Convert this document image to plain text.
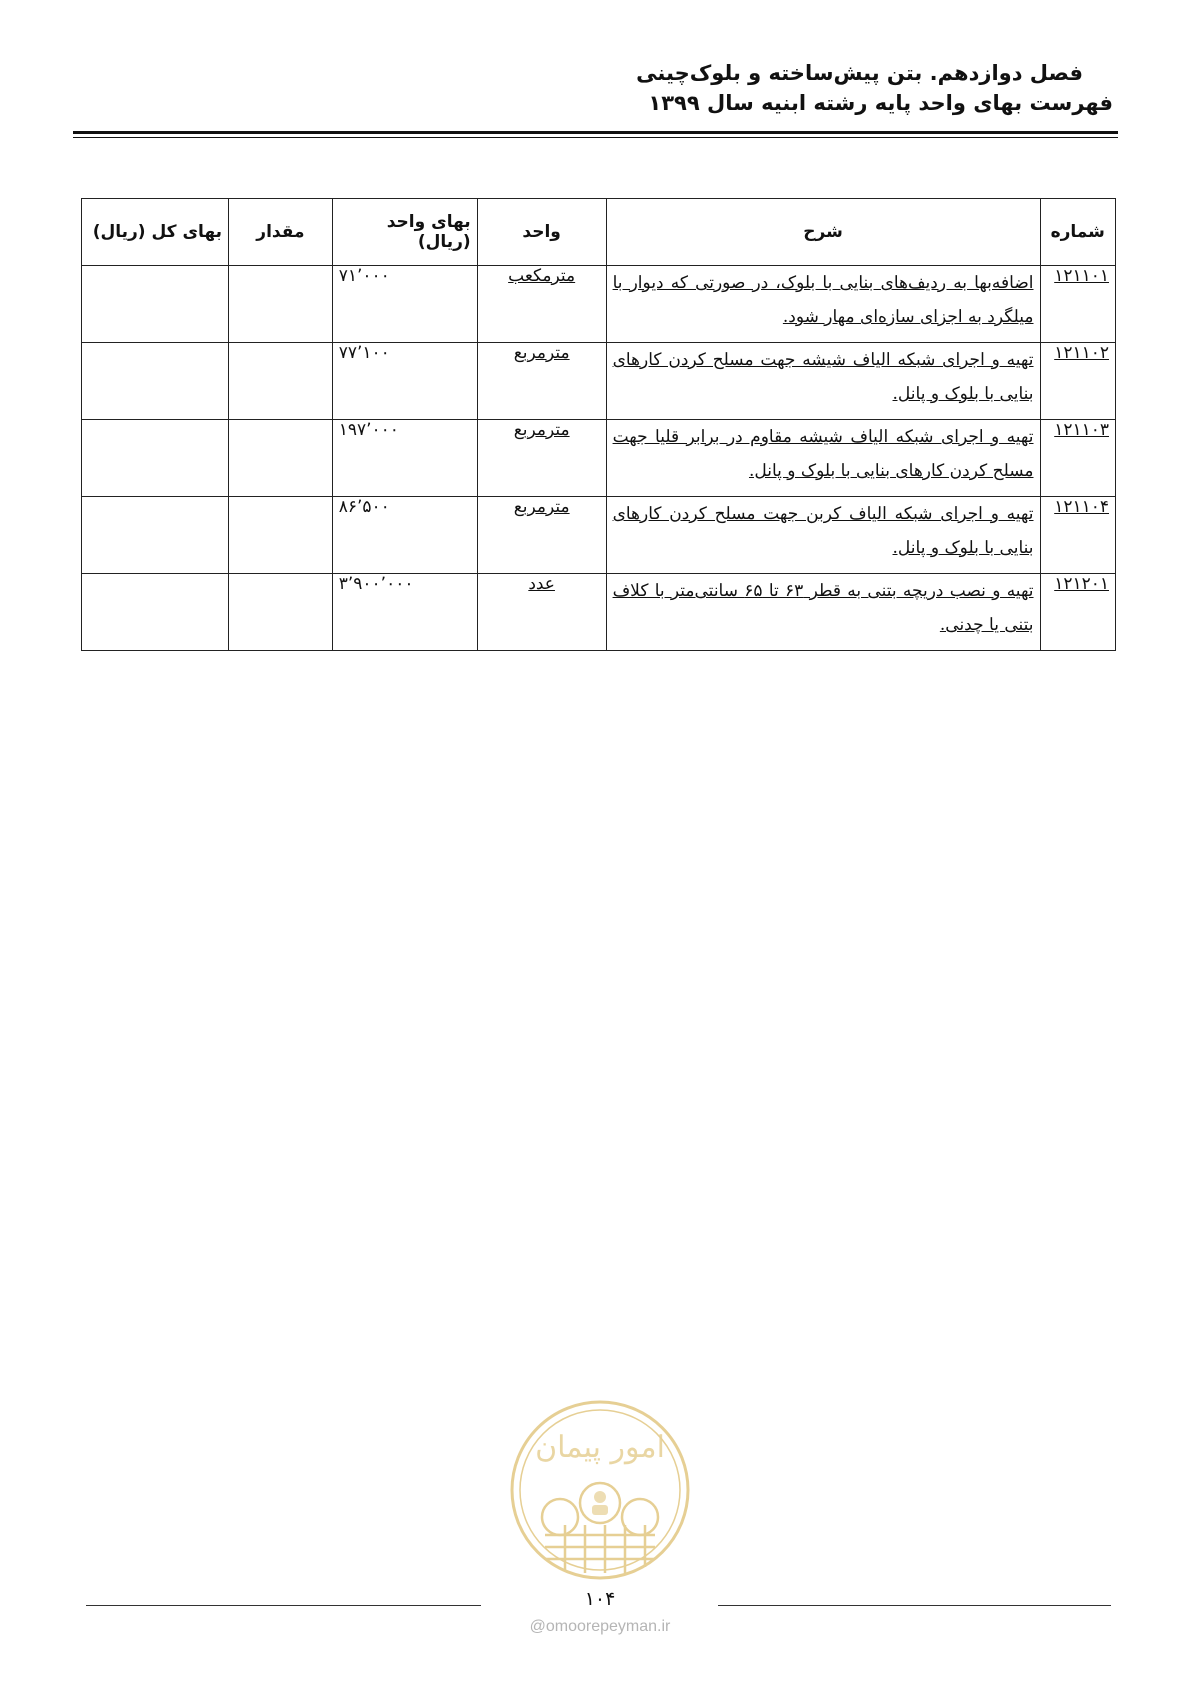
فصل دوازدهم. بتن پیش‌ساخته و بلوک‌چینی
فهرست بهای واحد پایه رشته ابنیه سال ۱۳۹۹
شماره	شرح	واحد	بهای واحد (ریال)	مقدار	بهای کل (ریال)
۱۲۱۱۰۱	اضافه‌بها به ردیف‌های بنایی با بلوک، در صورتی که دیوار با میلگرد به اجزای سازه‌ای مهار شود.	مترمکعب	۷۱٬۰۰۰		
۱۲۱۱۰۲	تهیه و اجرای شبکه الیاف شیشه جهت مسلح کردن کارهای بنایی با بلوک و پانل.	مترمربع	۷۷٬۱۰۰		
۱۲۱۱۰۳	تهیه و اجرای شبکه الیاف شیشه مقاوم در برابر قلیا جهت مسلح کردن کارهای بنایی با بلوک و پانل.	مترمربع	۱۹۷٬۰۰۰		
۱۲۱۱۰۴	تهیه و اجرای شبکه الیاف کربن جهت مسلح کردن کارهای بنایی با بلوک و پانل.	مترمربع	۸۶٬۵۰۰		
۱۲۱۲۰۱	تهیه و نصب دریچه بتنی به قطر ۶۳ تا ۶۵ سانتی‌متر با کلاف بتنی یا چدنی.	عدد	۳٬۹۰۰٬۰۰۰		
امور پیمان
۱۰۴
@omoorepeyman.ir
